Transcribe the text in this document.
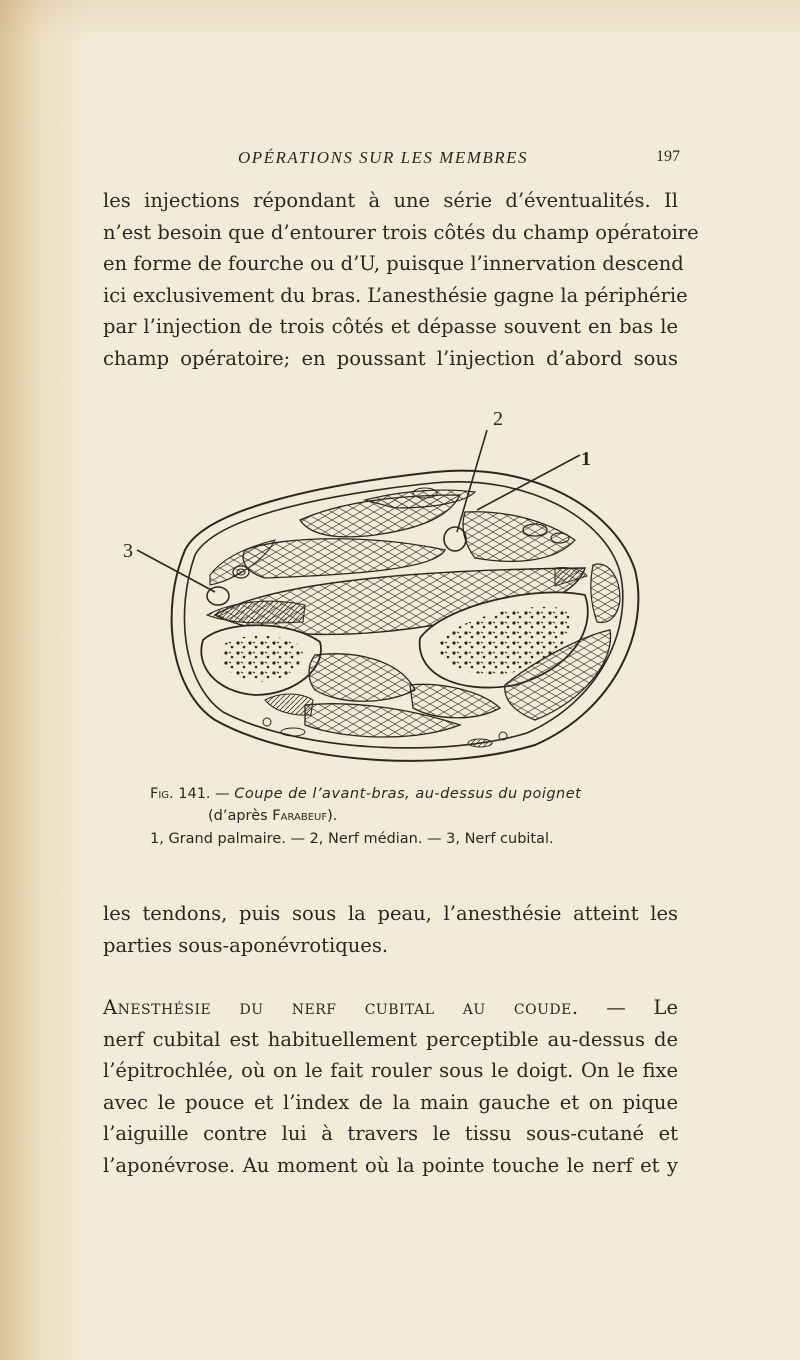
OPÉRATIONS SUR LES MEMBRES	197
les injections répondant à une série d’éventualités. Il
n’est besoin que d’entourer trois côtés du champ opératoire
en forme de fourche ou d’U, puisque l’innervation descend
ici exclusivement du bras. L’anesthésie gagne la périphérie
par l’injection de trois côtés et dépasse souvent en bas le
champ opératoire; en poussant l’injection d’abord sous
2
1
3
Fig. 141. — Coupe de l’avant-bras, au-dessus du poignet
(d’après Farabeuf).
1, Grand palmaire. — 2, Nerf médian. — 3, Nerf cubital.
les tendons, puis sous la peau, l’anesthésie atteint les
parties sous-aponévrotiques.
Anesthésie du nerf cubital au coude. — Le
nerf cubital est habituellement perceptible au-dessus de
l’épitrochlée, où on le fait rouler sous le doigt. On le fixe
avec le pouce et l’index de la main gauche et on pique
l’aiguille contre lui à travers le tissu sous-cutané et
l’aponévrose. Au moment où la pointe touche le nerf et y
